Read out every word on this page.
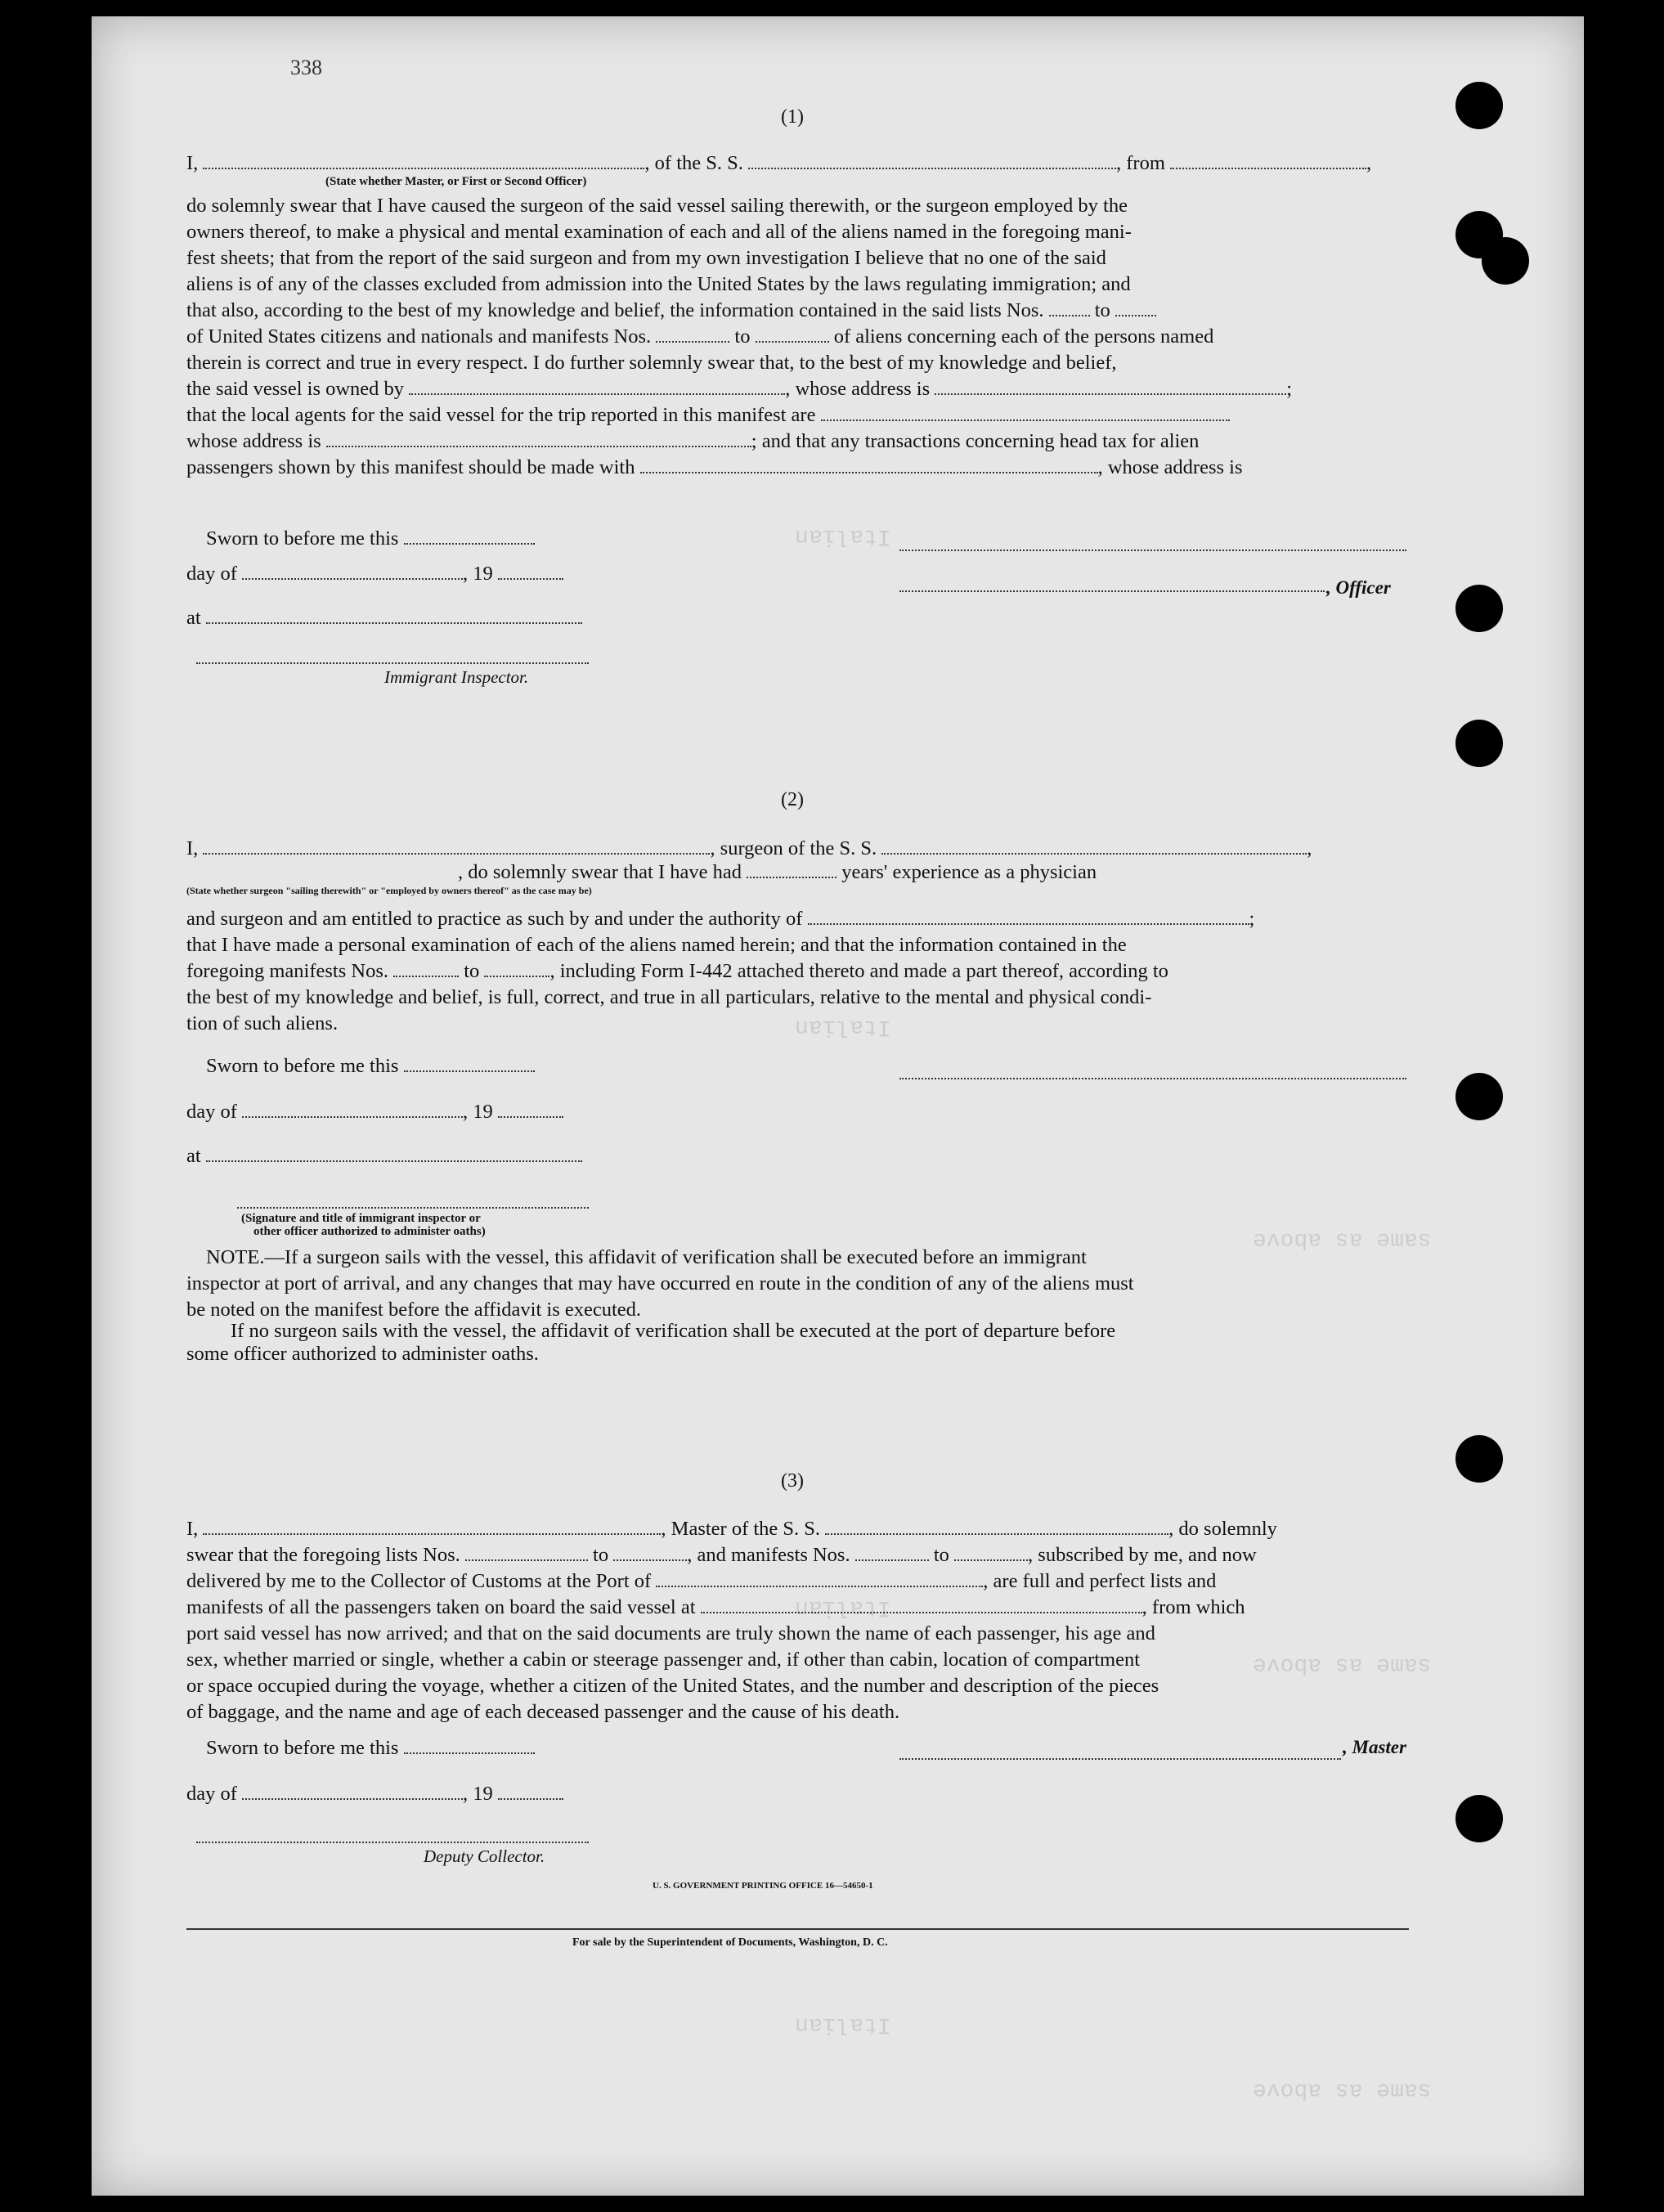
Italian
Italian
Italian
Italian
same as above
same as above
same as above
338
(1)
I,	, of the S. S.	, from	,
(State whether Master, or First or Second Officer)
do solemnly swear that I have caused the surgeon of the said vessel sailing therewith, or the surgeon employed by the
owners thereof, to make a physical and mental examination of each and all of the aliens named in the foregoing mani-
fest sheets; that from the report of the said surgeon and from my own investigation I believe that no one of the said
aliens is of any of the classes excluded from admission into the United States by the laws regulating immigration; and
that also, according to the best of my knowledge and belief, the information contained in the said lists Nos.	to
of United States citizens and nationals and manifests Nos.	to	of aliens concerning each of the persons named
therein is correct and true in every respect. I do further solemnly swear that, to the best of my knowledge and belief,
the said vessel is owned by	, whose address is	;
that the local agents for the said vessel for the trip reported in this manifest are
whose address is	; and that any transactions concerning head tax for alien
passengers shown by this manifest should be made with	, whose address is
Sworn to before me this
day of	, 19
, Officer
at
Immigrant Inspector.
(2)
I,	, surgeon of the S. S.	,
, do solemnly swear that I have had	years' experience as a physician
(State whether surgeon "sailing therewith" or "employed by owners thereof" as the case may be)
and surgeon and am entitled to practice as such by and under the authority of	;
that I have made a personal examination of each of the aliens named herein; and that the information contained in the
foregoing manifests Nos.	to	, including Form I-442 attached thereto and made a part thereof, according to
the best of my knowledge and belief, is full, correct, and true in all particulars, relative to the mental and physical condi-
tion of such aliens.
Sworn to before me this
day of	, 19
at
(Signature and title of immigrant inspector or
other officer authorized to administer oaths)
NOTE.—If a surgeon sails with the vessel, this affidavit of verification shall be executed before an immigrant
inspector at port of arrival, and any changes that may have occurred en route in the condition of any of the aliens must
be noted on the manifest before the affidavit is executed.
If no surgeon sails with the vessel, the affidavit of verification shall be executed at the port of departure before
some officer authorized to administer oaths.
(3)
I,	, Master of the S. S.	, do solemnly
swear that the foregoing lists Nos.	to	, and manifests Nos.	to	, subscribed by me, and now
delivered by me to the Collector of Customs at the Port of	, are full and perfect lists and
manifests of all the passengers taken on board the said vessel at	, from which
port said vessel has now arrived; and that on the said documents are truly shown the name of each passenger, his age and
sex, whether married or single, whether a cabin or steerage passenger and, if other than cabin, location of compartment
or space occupied during the voyage, whether a citizen of the United States, and the number and description of the pieces
of baggage, and the name and age of each deceased passenger and the cause of his death.
Sworn to before me this	, Master
day of	, 19
Deputy Collector.
U. S. GOVERNMENT PRINTING OFFICE 16—54650-1
For sale by the Superintendent of Documents, Washington, D. C.
